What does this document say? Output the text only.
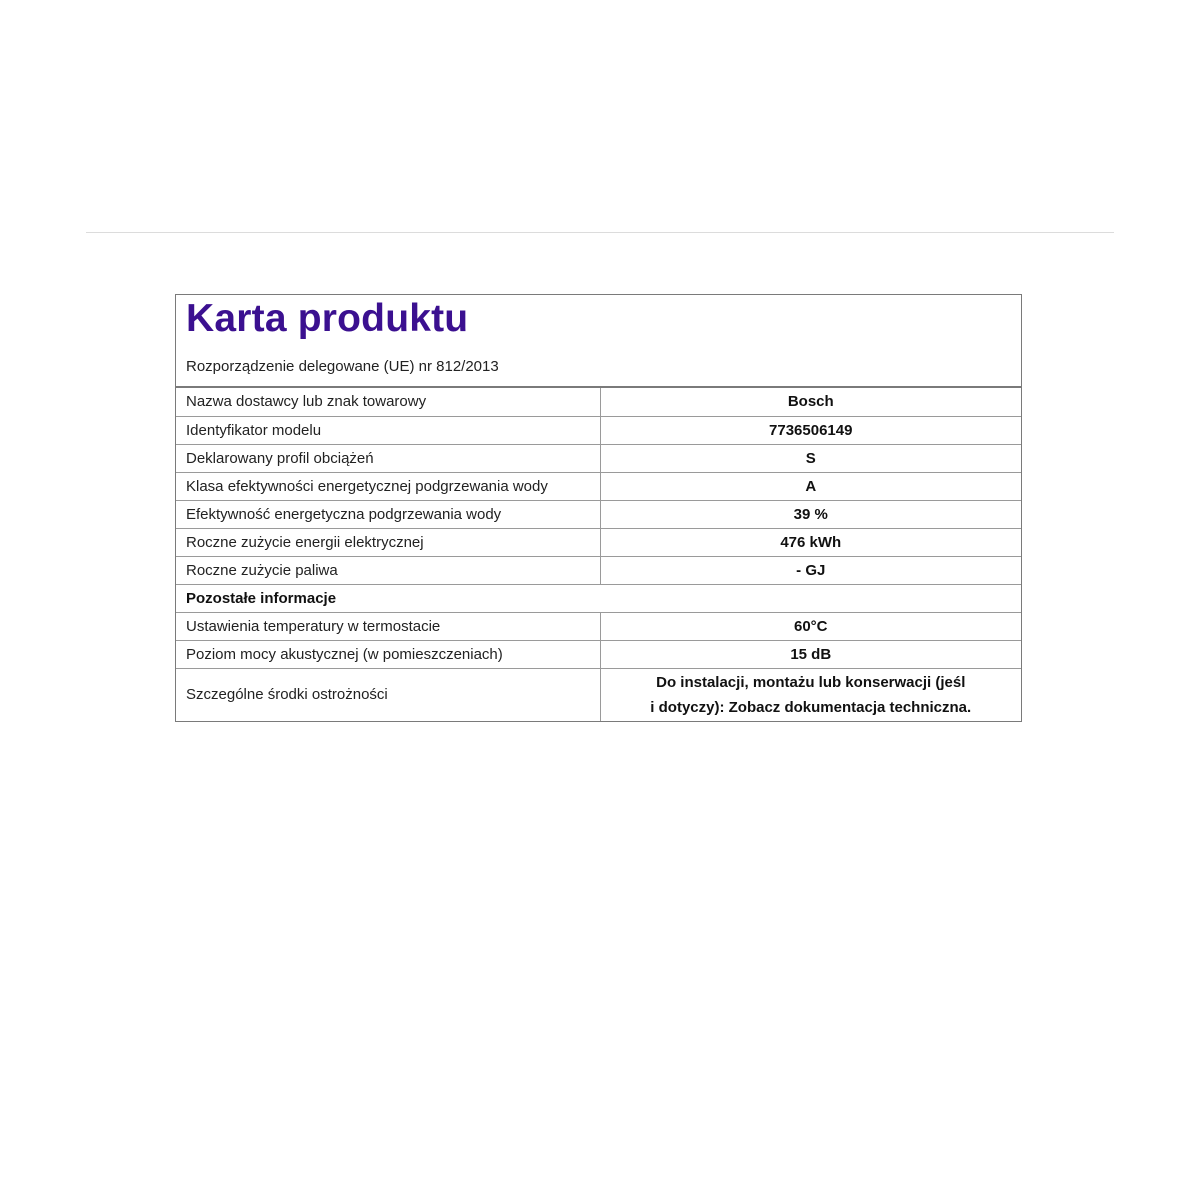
Karta produktu
Rozporządzenie delegowane (UE) nr 812/2013
Nazwa dostawcy lub znak towarowy	Bosch
Identyfikator modelu	7736506149
Deklarowany profil obciążeń	S
Klasa efektywności energetycznej podgrzewania wody	A
Efektywność energetyczna podgrzewania wody	39 %
Roczne zużycie energii elektrycznej	476 kWh
Roczne zużycie paliwa	- GJ
Pozostałe informacje	
Ustawienia temperatury w termostacie	60°C
Poziom mocy akustycznej (w pomieszczeniach)	15 dB
Szczególne środki ostrożności	Do instalacji, montażu lub konserwacji (jeśl
i dotyczy): Zobacz dokumentacja techniczna.
